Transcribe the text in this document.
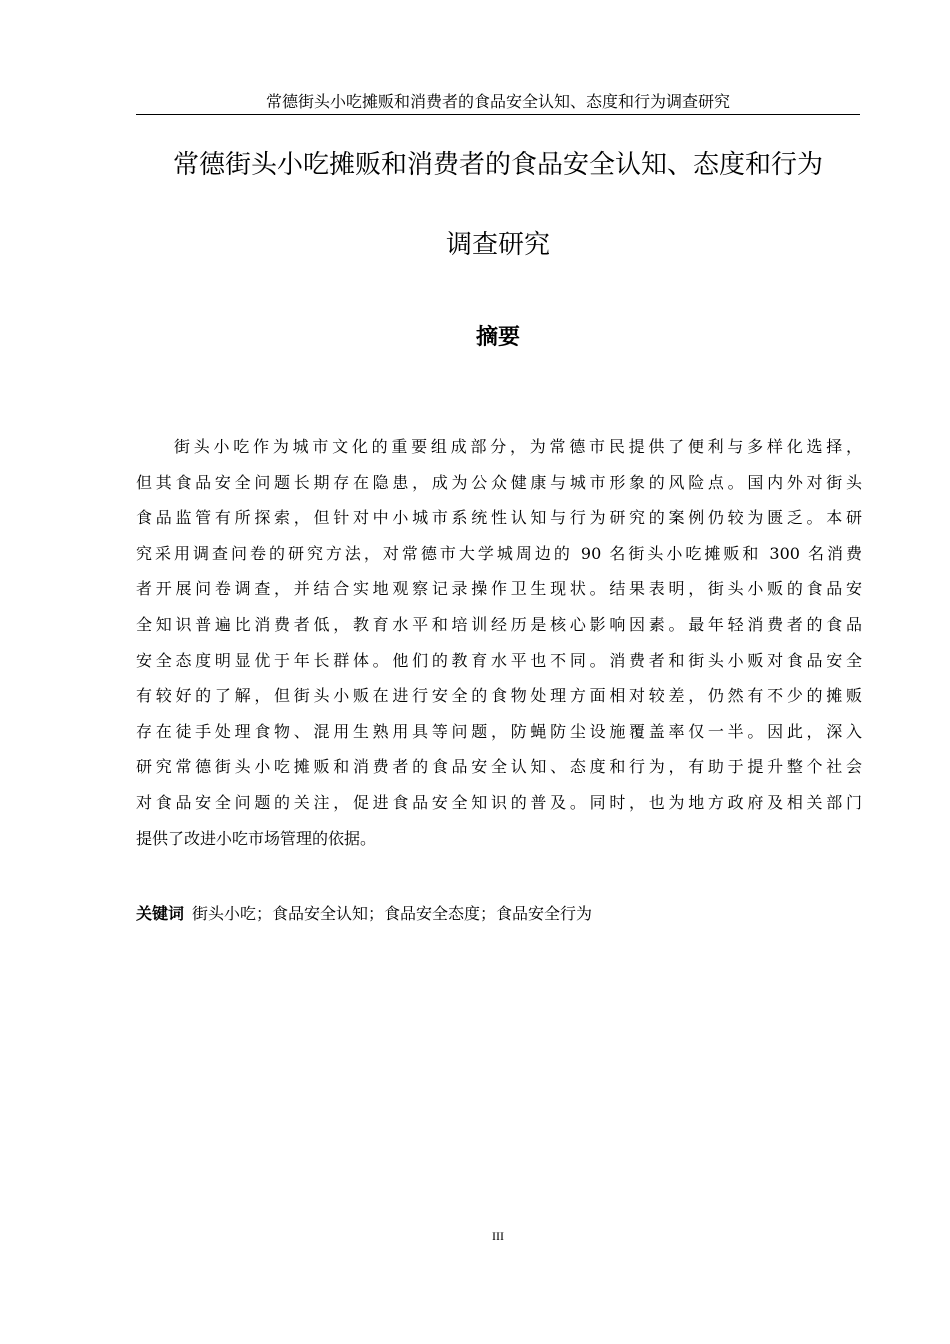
常德街头小吃摊贩和消费者的食品安全认知、态度和行为调查研究
常德街头小吃摊贩和消费者的食品安全认知、态度和行为
调查研究
摘要
街头小吃作为城市文化的重要组成部分，为常德市民提供了便利与多样化选择，
但其食品安全问题长期存在隐患，成为公众健康与城市形象的风险点。国内外对街头
食品监管有所探索，但针对中小城市系统性认知与行为研究的案例仍较为匮乏。本研
究采用调查问卷的研究方法，对常德市大学城周边的 90 名街头小吃摊贩和 300 名消费
者开展问卷调查，并结合实地观察记录操作卫生现状。结果表明，街头小贩的食品安
全知识普遍比消费者低，教育水平和培训经历是核心影响因素。最年轻消费者的食品
安全态度明显优于年长群体。他们的教育水平也不同。消费者和街头小贩对食品安全
有较好的了解，但街头小贩在进行安全的食物处理方面相对较差，仍然有不少的摊贩
存在徒手处理食物、混用生熟用具等问题，防蝇防尘设施覆盖率仅一半。因此，深入
研究常德街头小吃摊贩和消费者的食品安全认知、态度和行为，有助于提升整个社会
对食品安全问题的关注，促进食品安全知识的普及。同时，也为地方政府及相关部门
提供了改进小吃市场管理的依据。
关键词 街头小吃；食品安全认知；食品安全态度；食品安全行为
III
